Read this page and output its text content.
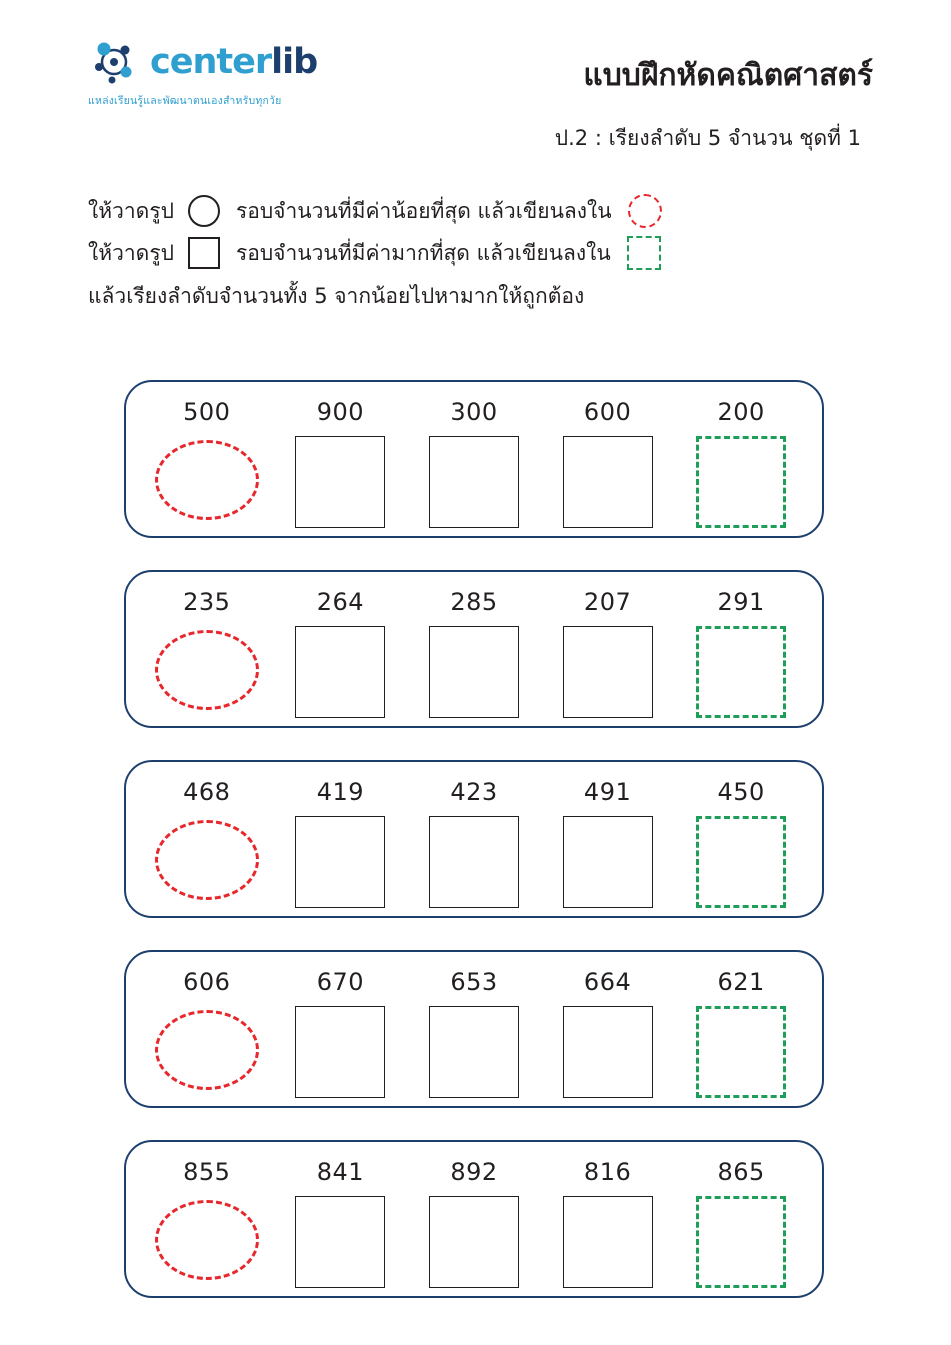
centerlib
แหล่งเรียนรู้และพัฒนาตนเองสำหรับทุกวัย
แบบฝึกหัดคณิตศาสตร์
ป.2 : เรียงลำดับ 5 จำนวน ชุดที่ 1
ให้วาดรูป	รอบจำนวนที่มีค่าน้อยที่สุด แล้วเขียนลงใน
ให้วาดรูป	รอบจำนวนที่มีค่ามากที่สุด แล้วเขียนลงใน
แล้วเรียงลำดับจำนวนทั้ง 5 จากน้อยไปหามากให้ถูกต้อง
500	900	300	600	200
235	264	285	207	291
468	419	423	491	450
606	670	653	664	621
855	841	892	816	865
